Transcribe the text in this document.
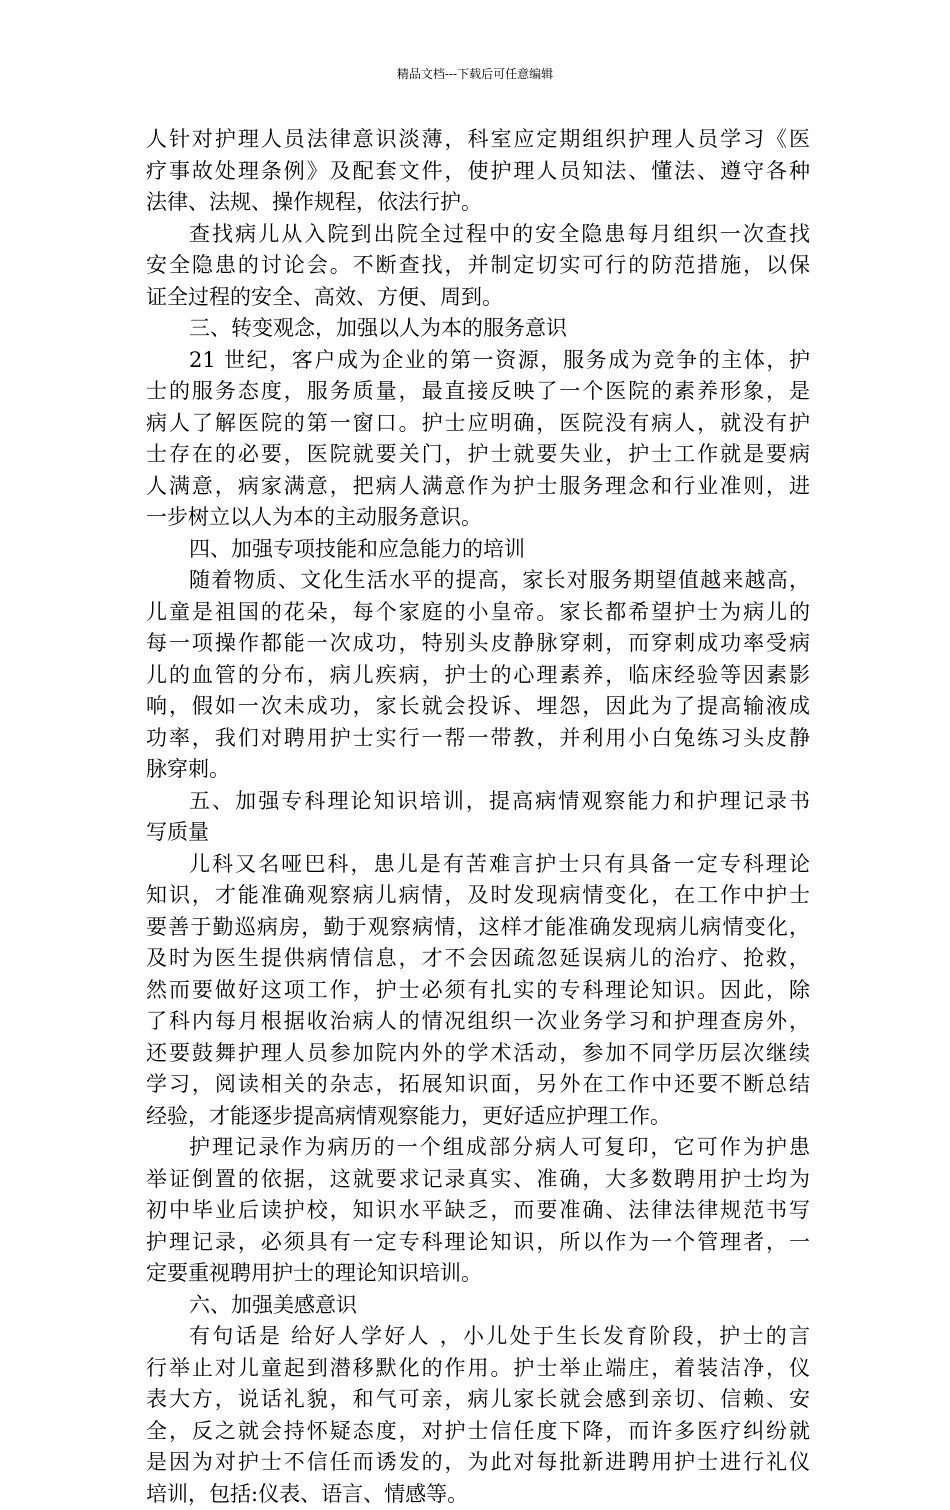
精品文档---下载后可任意编辑
人针对护理人员法律意识淡薄，科室应定期组织护理人员学习《医
疗事故处理条例》及配套文件，使护理人员知法、懂法、遵守各种
法律、法规、操作规程，依法行护。
查找病儿从入院到出院全过程中的安全隐患每月组织一次查找
安全隐患的讨论会。不断查找，并制定切实可行的防范措施，以保
证全过程的安全、高效、方便、周到。
三、转变观念，加强以人为本的服务意识
21 世纪，客户成为企业的第一资源，服务成为竞争的主体，护
士的服务态度，服务质量，最直接反映了一个医院的素养形象，是
病人了解医院的第一窗口。护士应明确，医院没有病人，就没有护
士存在的必要，医院就要关门，护士就要失业，护士工作就是要病
人满意，病家满意，把病人满意作为护士服务理念和行业准则，进
一步树立以人为本的主动服务意识。
四、加强专项技能和应急能力的培训
随着物质、文化生活水平的提高，家长对服务期望值越来越高，
儿童是祖国的花朵，每个家庭的小皇帝。家长都希望护士为病儿的
每一项操作都能一次成功，特别头皮静脉穿刺，而穿刺成功率受病
儿的血管的分布，病儿疾病，护士的心理素养，临床经验等因素影
响，假如一次未成功，家长就会投诉、埋怨，因此为了提高输液成
功率，我们对聘用护士实行一帮一带教，并利用小白兔练习头皮静
脉穿刺。
五、加强专科理论知识培训，提高病情观察能力和护理记录书
写质量
儿科又名哑巴科，患儿是有苦难言护士只有具备一定专科理论
知识，才能准确观察病儿病情，及时发现病情变化，在工作中护士
要善于勤巡病房，勤于观察病情，这样才能准确发现病儿病情变化，
及时为医生提供病情信息，才不会因疏忽延误病儿的治疗、抢救，
然而要做好这项工作，护士必须有扎实的专科理论知识。因此，除
了科内每月根据收治病人的情况组织一次业务学习和护理查房外，
还要鼓舞护理人员参加院内外的学术活动，参加不同学历层次继续
学习，阅读相关的杂志，拓展知识面，另外在工作中还要不断总结
经验，才能逐步提高病情观察能力，更好适应护理工作。
护理记录作为病历的一个组成部分病人可复印，它可作为护患
举证倒置的依据，这就要求记录真实、准确，大多数聘用护士均为
初中毕业后读护校，知识水平缺乏，而要准确、法律法律规范书写
护理记录，必须具有一定专科理论知识，所以作为一个管理者，一
定要重视聘用护士的理论知识培训。
六、加强美感意识
有句话是 给好人学好人 ，小儿处于生长发育阶段，护士的言
行举止对儿童起到潜移默化的作用。护士举止端庄，着装洁净，仪
表大方，说话礼貌，和气可亲，病儿家长就会感到亲切、信赖、安
全，反之就会持怀疑态度，对护士信任度下降，而许多医疗纠纷就
是因为对护士不信任而诱发的，为此对每批新进聘用护士进行礼仪
培训，包括:仪表、语言、情感等。
